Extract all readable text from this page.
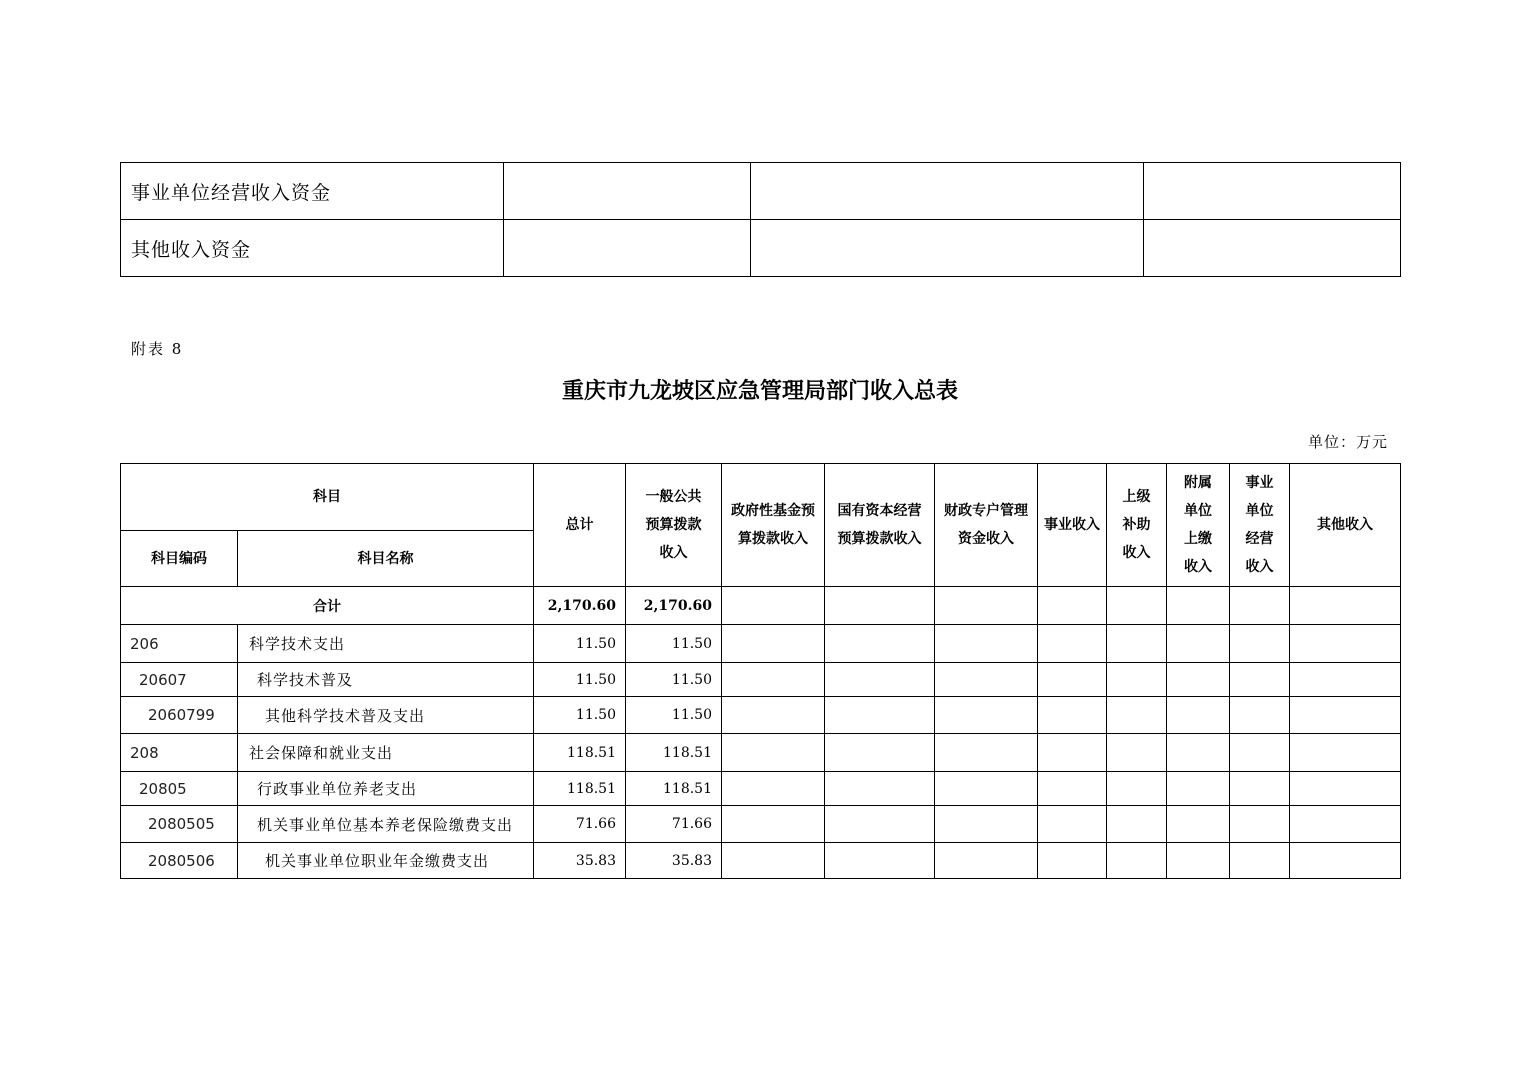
事业单位经营收入资金			
其他收入资金			
附表 8
重庆市九龙坡区应急管理局部门收入总表
单位：万元
科目		总计	一般公共预算拨款收入	政府性基金预算拨款收入	国有资本经营预算拨款收入	财政专户管理资金收入	事业收入	上级补助收入	附属单位上缴收入	事业单位经营收入	其他收入
科目编码	科目名称										
合计		2,170.60	2,170.60								
206	科学技术支出	11.50	11.50								
20607	科学技术普及	11.50	11.50								
2060799	其他科学技术普及支出	11.50	11.50								
208	社会保障和就业支出	118.51	118.51								
20805	行政事业单位养老支出	118.51	118.51								
2080505	机关事业单位基本养老保险缴费支出	71.66	71.66								
2080506	机关事业单位职业年金缴费支出	35.83	35.83								
